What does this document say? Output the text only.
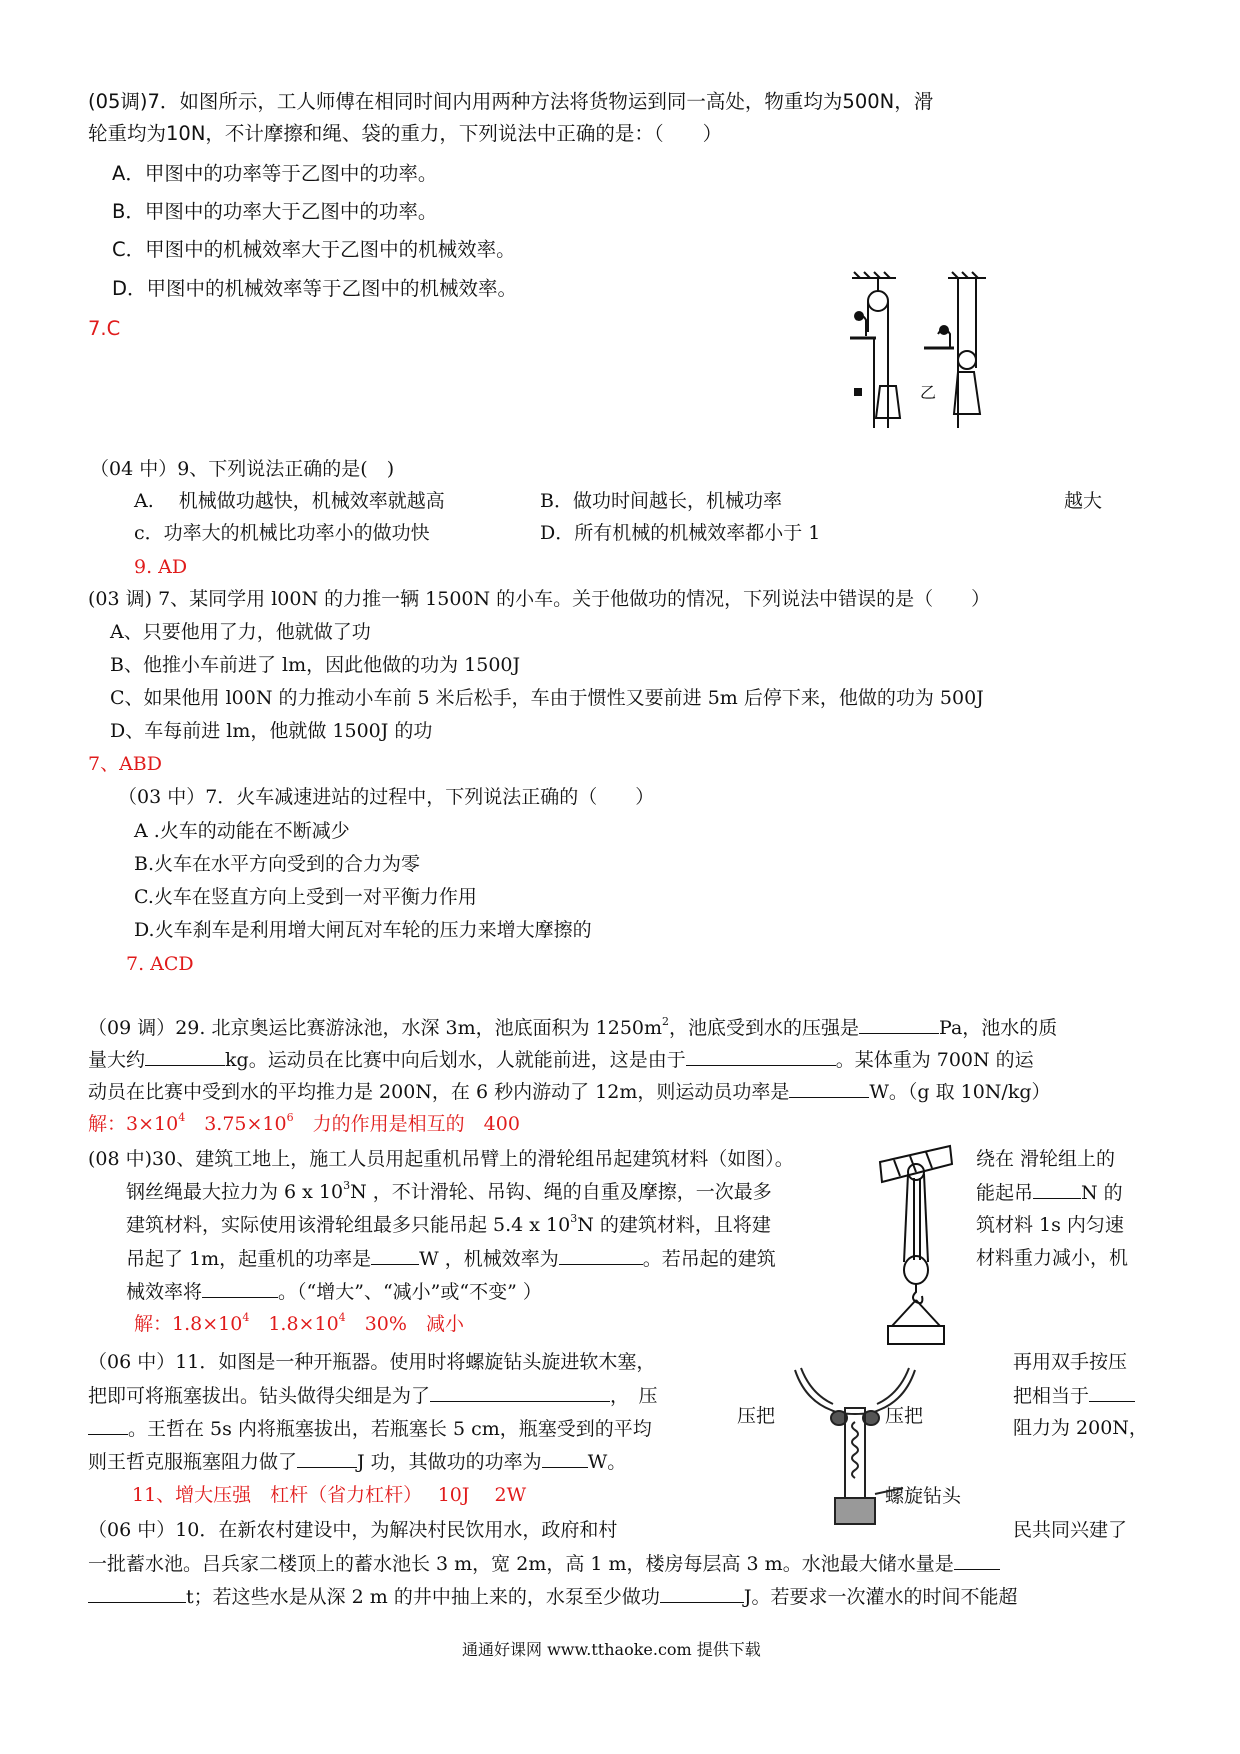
(05调)7．如图所示，工人师傅在相同时间内用两种方法将货物运到同一高处，物重均为500N，滑
轮重均为10N，不计摩擦和绳、袋的重力，下列说法中正确的是：（　　）
A．甲图中的功率等于乙图中的功率。
B．甲图中的功率大于乙图中的功率。
C．甲图中的机械效率大于乙图中的机械效率。
D．甲图中的机械效率等于乙图中的机械效率。
7.C
乙
（04 中）9、下列说法正确的是(　)
A.　 机械做功越快，机械效率就越高	B．做功时间越长，机械功率	越大
c．功率大的机械比功率小的做功快	D．所有机械的机械效率都小于 1
9. AD
(03 调) 7、某同学用 l00N 的力推一辆 1500N 的小车。关于他做功的情况，下列说法中错误的是（　　）
A、只要他用了力，他就做了功
B、他推小车前进了 lm，因此他做的功为 1500J
C、如果他用 l00N 的力推动小车前 5 米后松手，车由于惯性又要前进 5m 后停下来，他做的功为 500J
D、车每前进 lm，他就做 1500J 的功
7、ABD
（03 中）7．火车减速进站的过程中，下列说法正确的（　　）
A .火车的动能在不断减少
B.火车在水平方向受到的合力为零
C.火车在竖直方向上受到一对平衡力作用
D.火车刹车是利用增大闸瓦对车轮的压力来增大摩擦的
7. ACD
（09 调）29. 北京奥运比赛游泳池，水深 3m，池底面积为 $1250m^2$，池底受到水的压强是	Pa，池水的质
量大约	kg。运动员在比赛中向后划水，人就能前进，这是由于	。某体重为 700N 的运
动员在比赛中受到水的平均推力是 200N，在 6 秒内游动了 12m，则运动员功率是	W。（g 取 10N/kg）
解：$3\times 10^4$　 $3.75\times 10^6$　 力的作用是相互的　 400
(08 中)30、建筑工地上，施工人员用起重机吊臂上的滑轮组吊起建筑材料（如图）。	绕在 滑轮组上的
钢丝绳最大拉力为 6 x $10^3N$ ，不计滑轮、吊钩、绳的自重及摩擦，一次最多	能起吊	N 的
建筑材料，实际使用该滑轮组最多只能吊起 5.4 x $10^3N$ 的建筑材料，且将建	筑材料 1s 内匀速
吊起了 1m，起重机的功率是	W ，机械效率为	。若吊起的建筑	材料重力减小，机
械效率将	。（“增大”、“减小”或“不变” ）
解：$1.8\times 10^4$　 $1.8\times 10^4$　 30%　 减小
（06 中）11．如图是一种开瓶器。使用时将螺旋钻头旋进软木塞，	再用双手按压
把即可将瓶塞拔出。钻头做得尖细是为了	，　压	把相当于
。王哲在 5s 内将瓶塞拔出，若瓶塞长 5 cm，瓶塞受到的平均	阻力为 200N，
则王哲克服瓶塞阻力做了	J 功，其做功的功率为 W。
11、增大压强　杠杆（省力杠杆）　 10J　 2W
压把	压把
螺旋钻头
（06 中）10．在新农村建设中，为解决村民饮用水，政府和村	民共同兴建了
一批蓄水池。吕兵家二楼顶上的蓄水池长 3 m，宽 2m，高 1 m，楼房每层高 3 m。水池最大储水量是
t；若这些水是从深 2 m 的井中抽上来的，水泵至少做功	J。若要求一次灌水的时间不能超
通通好课网 www.tthaoke.com 提供下载
